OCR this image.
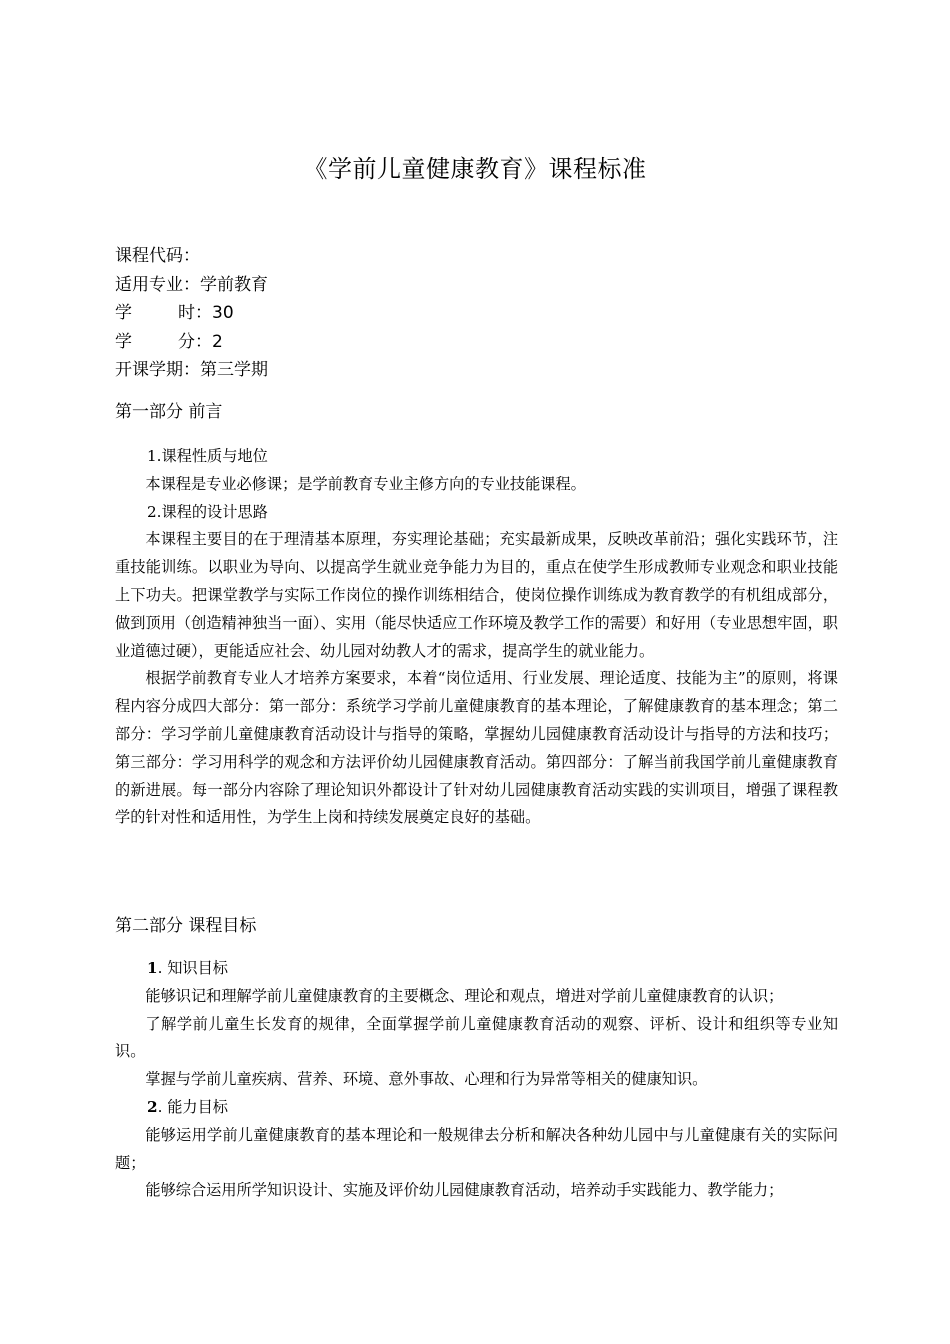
《学前儿童健康教育》课程标准
课程代码：
适用专业：学前教育
学	时：30
学	分：2
开课学期：第三学期
第一部分 前言

1.课程性质与地位

本课程是专业必修课；是学前教育专业主修方向的专业技能课程。

2.课程的设计思路

本课程主要目的在于理清基本原理，夯实理论基础；充实最新成果，反映改革前沿；强化实践环节，注重技能训练。以职业为导向、以提高学生就业竞争能力为目的，重点在使学生形成教师专业观念和职业技能上下功夫。把课堂教学与实际工作岗位的操作训练相结合，使岗位操作训练成为教育教学的有机组成部分，做到顶用（创造精神独当一面）、实用（能尽快适应工作环境及教学工作的需要）和好用（专业思想牢固，职业道德过硬），更能适应社会、幼儿园对幼教人才的需求，提高学生的就业能力。

根据学前教育专业人才培养方案要求，本着“岗位适用、行业发展、理论适度、技能为主”的原则，将课程内容分成四大部分：第一部分：系统学习学前儿童健康教育的基本理论，了解健康教育的基本理念；第二部分：学习学前儿童健康教育活动设计与指导的策略，掌握幼儿园健康教育活动设计与指导的方法和技巧；第三部分：学习用科学的观念和方法评价幼儿园健康教育活动。第四部分：了解当前我国学前儿童健康教育的新进展。每一部分内容除了理论知识外都设计了针对幼儿园健康教育活动实践的实训项目，增强了课程教学的针对性和适用性，为学生上岗和持续发展奠定良好的基础。

第二部分 课程目标

1. 知识目标

能够识记和理解学前儿童健康教育的主要概念、理论和观点，增进对学前儿童健康教育的认识；

了解学前儿童生长发育的规律，全面掌握学前儿童健康教育活动的观察、评析、设计和组织等专业知识。

掌握与学前儿童疾病、营养、环境、意外事故、心理和行为异常等相关的健康知识。

2. 能力目标

能够运用学前儿童健康教育的基本理论和一般规律去分析和解决各种幼儿园中与儿童健康有关的实际问题；

能够综合运用所学知识设计、实施及评价幼儿园健康教育活动，培养动手实践能力、教学能力；
